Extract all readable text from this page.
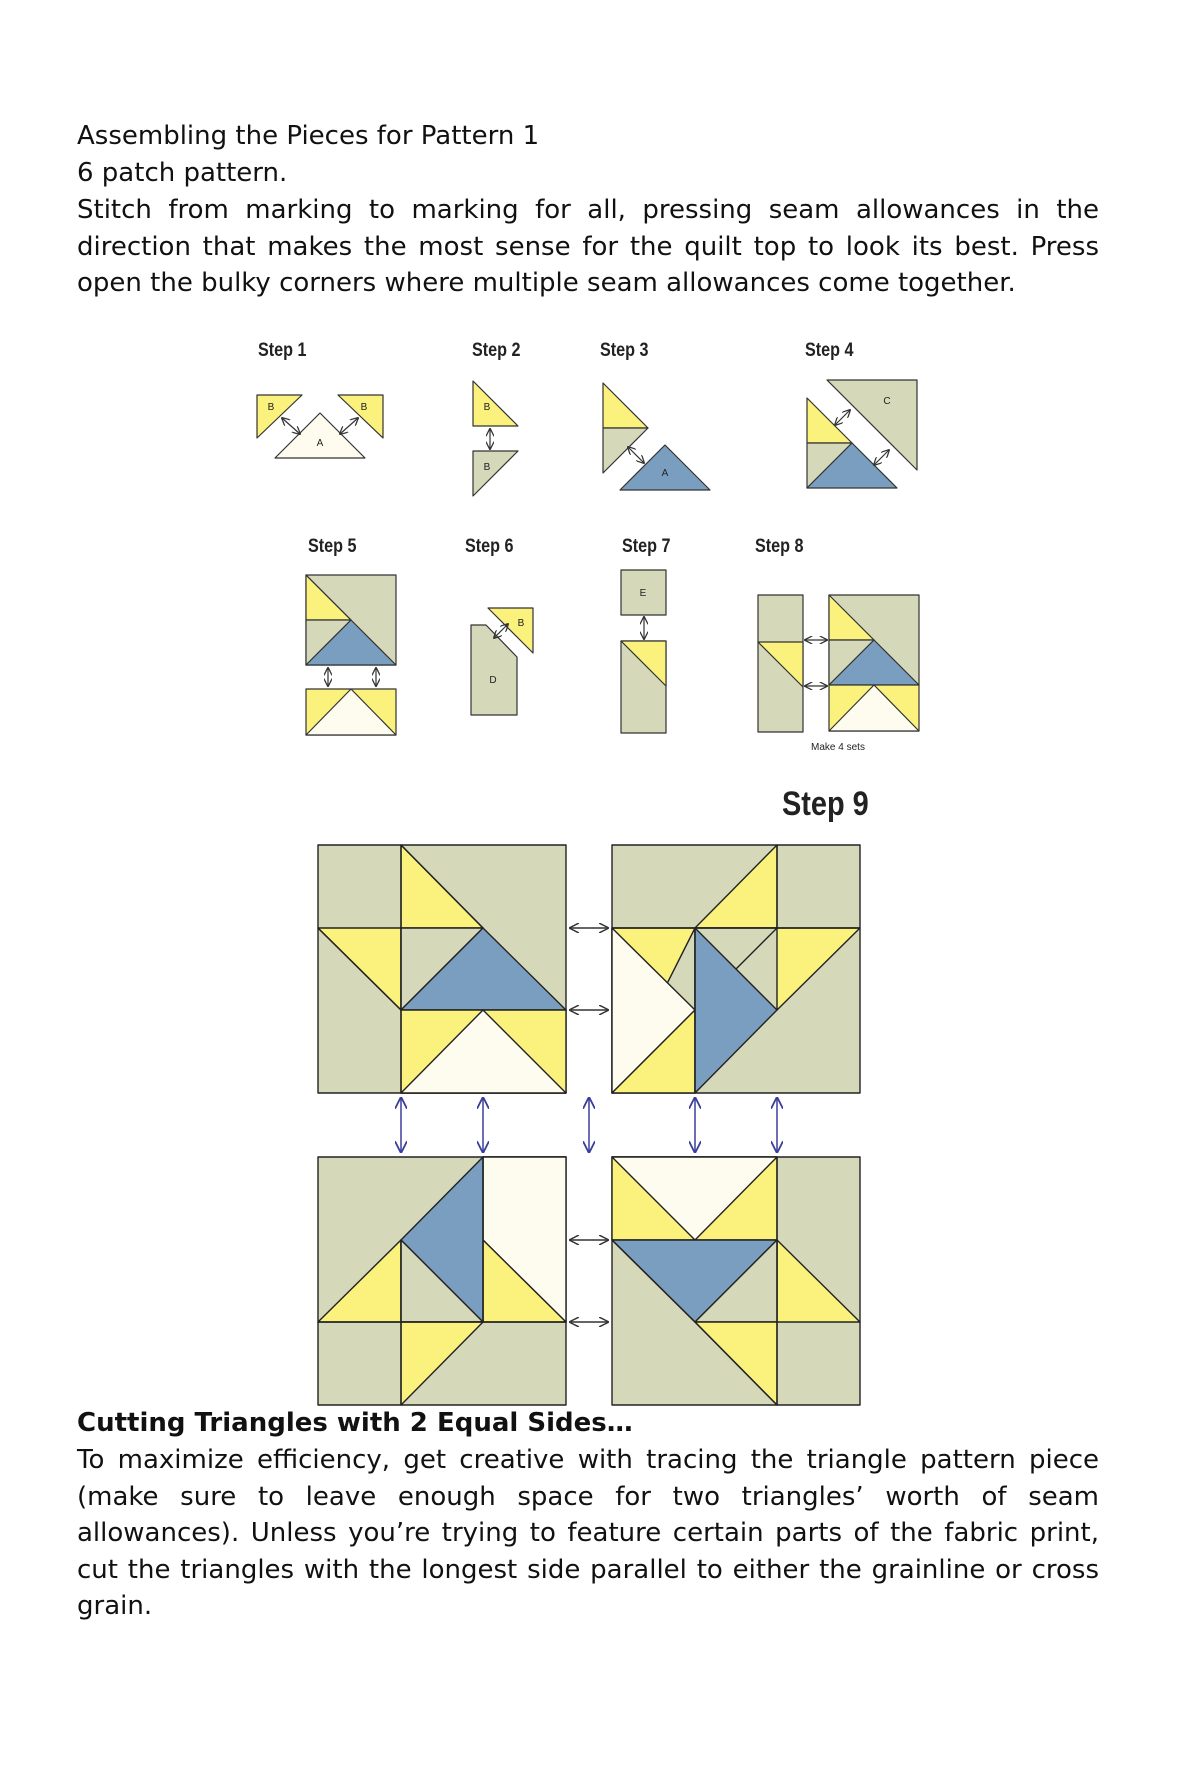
Assembling the Pieces for Pattern 1
6 patch pattern.
Stitch from marking to marking for all, pressing seam allowances in the direction that makes the most sense for the quilt top to look its best. Press open the bulky corners where multiple seam allowances come together.
Step 1	Step 2	Step 3	Step 4
Step 5	Step 6	Step 7	Step 8
Step 9
B	B
A
B
B
A
C
B
D
E
Make 4 sets
Cutting Triangles with 2 Equal Sides…
To maximize efficiency, get creative with tracing the triangle pattern piece (make sure to leave enough space for two triangles’ worth of seam allowances). Unless you’re trying to feature certain parts of the fabric print, cut the triangles with the longest side parallel to either the grainline or cross grain.
